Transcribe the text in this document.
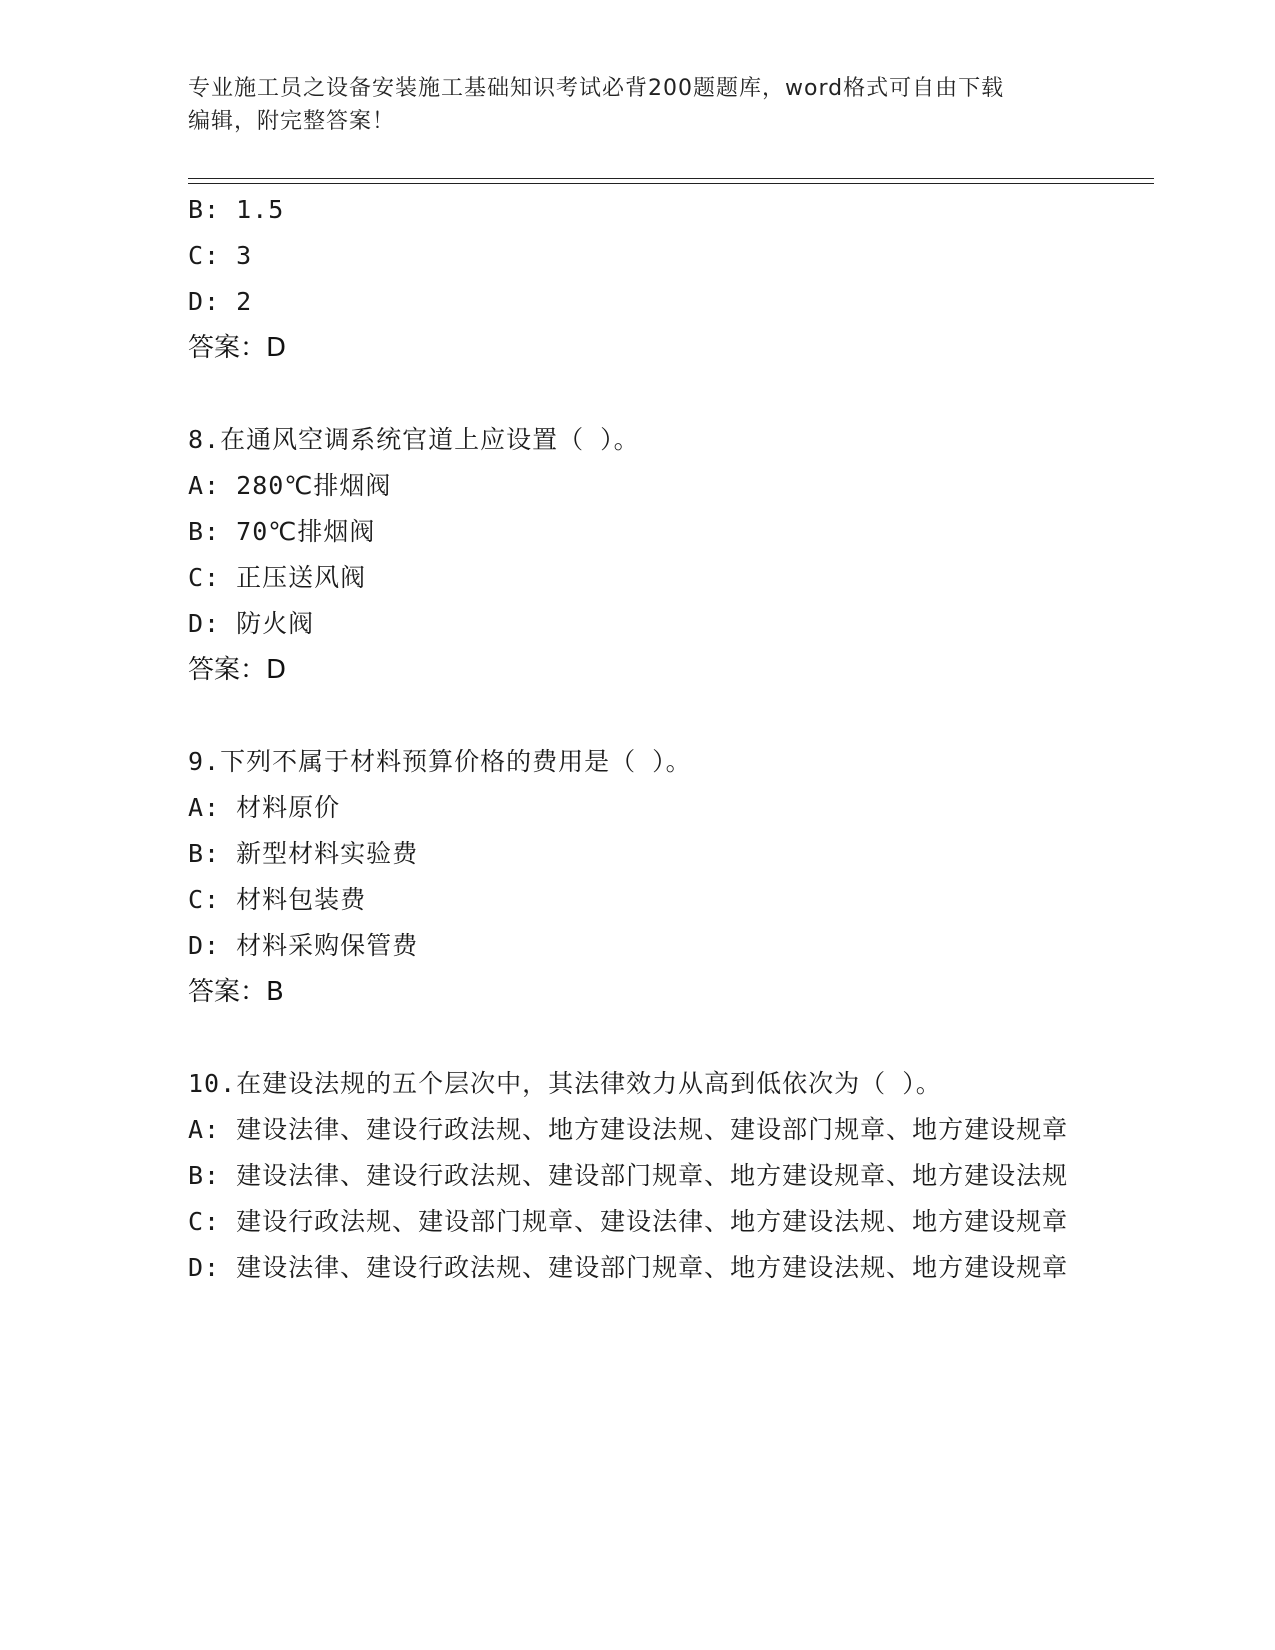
专业施工员之设备安装施工基础知识考试必背200题题库，word格式可自由下载
编辑，附完整答案！

B: 1.5

C: 3

D: 2

答案：D

8.在通风空调系统官道上应设置（ ）。

A: 280℃排烟阀

B: 70℃排烟阀

C: 正压送风阀

D: 防火阀

答案：D

9.下列不属于材料预算价格的费用是（ ）。

A: 材料原价

B: 新型材料实验费

C: 材料包装费

D: 材料采购保管费

答案：B

10.在建设法规的五个层次中，其法律效力从高到低依次为（ ）。

A: 建设法律、建设行政法规、地方建设法规、建设部门规章、地方建设规章

B: 建设法律、建设行政法规、建设部门规章、地方建设规章、地方建设法规

C: 建设行政法规、建设部门规章、建设法律、地方建设法规、地方建设规章

D: 建设法律、建设行政法规、建设部门规章、地方建设法规、地方建设规章
